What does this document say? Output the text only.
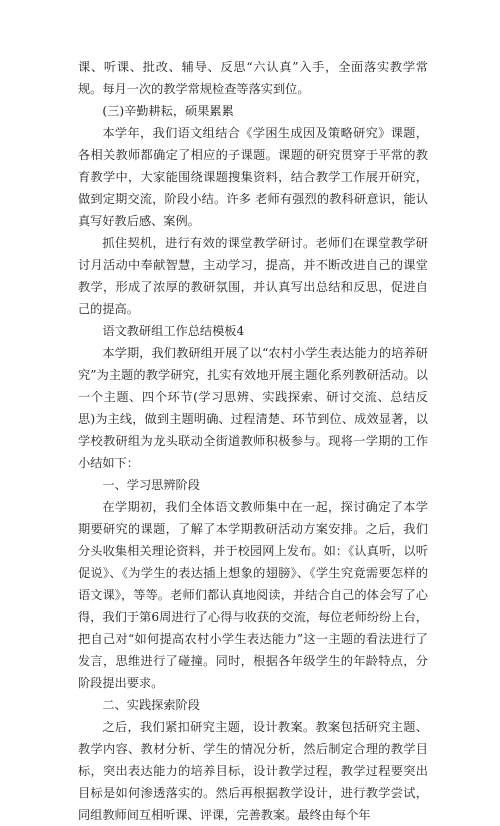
课、听课、批改、辅导、反思“六认真”入手，全面落实教学常规。每月一次的教学常规检查等落实到位。

(三)辛勤耕耘，硕果累累

本学年，我们语文组结合《学困生成因及策略研究》课题，各相关教师都确定了相应的子课题。课题的研究贯穿于平常的教育教学中，大家能围绕课题搜集资料，结合教学工作展开研究，做到定期交流，阶段小结。许多 老师有强烈的教科研意识，能认真写好教后感、案例。

抓住契机，进行有效的课堂教学研讨。老师们在课堂教学研讨月活动中奉献智慧，主动学习，提高，并不断改进自己的课堂教学，形成了浓厚的教研氛围，并认真写出总结和反思，促进自己的提高。

语文教研组工作总结模板4

本学期，我们教研组开展了以“农村小学生表达能力的培养研究”为主题的教学研究，扎实有效地开展主题化系列教研活动。以一个主题、四个环节(学习思辨、实践探索、研讨交流、总结反思)为主线，做到主题明确、过程清楚、环节到位、成效显著，以学校教研组为龙头联动全街道教师积极参与。现将一学期的工作小结如下：

一、学习思辨阶段

在学期初，我们全体语文教师集中在一起，探讨确定了本学期要研究的课题，了解了本学期教研活动方案安排。之后，我们分头收集相关理论资料，并于校园网上发布。如：《认真听，以听促说》、《为学生的表达插上想象的翅膀》、《学生究竟需要怎样的语文课》，等等。老师们都认真地阅读，并结合自己的体会写了心得，我们于第6周进行了心得与收获的交流，每位老师纷纷上台，把自己对“如何提高农村小学生表达能力”这一主题的看法进行了发言，思维进行了碰撞。同时，根据各年级学生的年龄特点，分阶段提出要求。

二、实践探索阶段

之后，我们紧扣研究主题，设计教案。教案包括研究主题、教学内容、教材分析、学生的情况分析，然后制定合理的教学目标，突出表达能力的培养目标，设计教学过程，教学过程要突出目标是如何渗透落实的。然后再根据教学设计，进行教学尝试，同组教师间互相听课、评课，完善教案。最终由每个年
